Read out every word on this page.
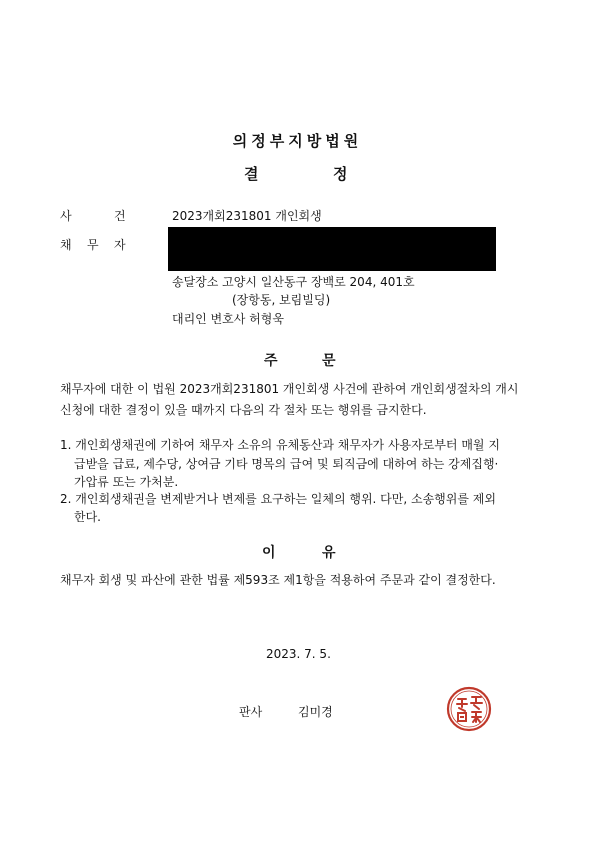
의정부지방법원
결	정
사	건	2023개회231801 개인회생
채 무 자
송달장소 고양시 일산동구 장백로 204, 401호
(장항동, 보림빌딩)
대리인 변호사 허형욱
주	문
채무자에 대한 이 법원 2023개회231801 개인회생 사건에 관하여 개인회생절차의 개시
신청에 대한 결정이 있을 때까지 다음의 각 절차 또는 행위를 금지한다.
1. 개인회생채권에 기하여 채무자 소유의 유체동산과 채무자가 사용자로부터 매월 지
급받을 급료, 제수당, 상여금 기타 명목의 급여 및 퇴직금에 대하여 하는 강제집행·
가압류 또는 가처분.
2. 개인회생채권을 변제받거나 변제를 요구하는 일체의 행위. 다만, 소송행위를 제외
한다.
이	유
채무자 회생 및 파산에 관한 법률 제593조 제1항을 적용하여 주문과 같이 결정한다.
2023. 7. 5.
판사	김미경
